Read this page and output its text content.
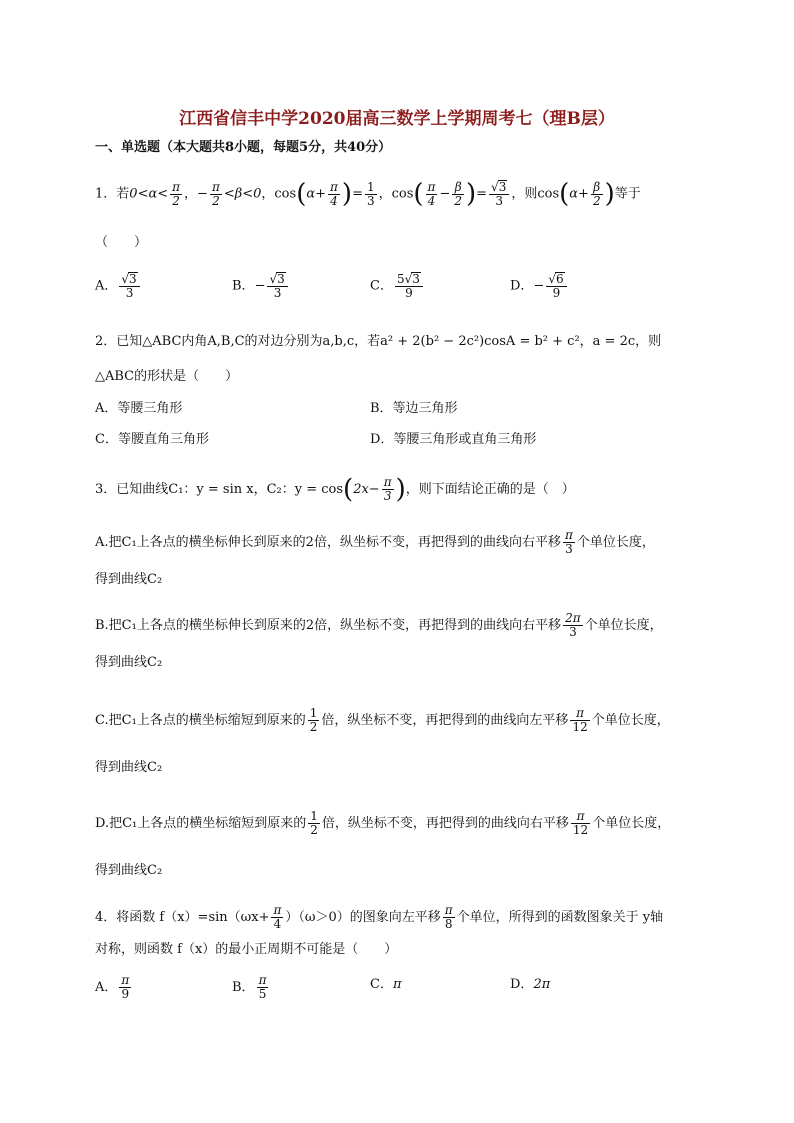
江西省信丰中学2020届高三数学上学期周考七（理B层）
一、单选题（本大题共8小题，每题5分，共40分）
1．若$0<\alpha< \frac{\pi}{2}$ ，− $\frac{\pi}{2} <\beta<0$，$\cos(\alpha+ \frac{\pi}{4}$ )= $\frac{1}{3}$ ，$\cos( \frac{\pi}{4} - \frac{\beta}{2}$ )= $\frac{√3}{3}$ ，则$\cos(\alpha+ \frac{\beta}{2}$ )等于
（　　）
A． $\frac{√3}{3}$	B．− $\frac{√3}{3}$	C． $\frac{5√3}{9}$	D．− $\frac{√6}{9}$
2．已知△ABC内角A,B,C的对边分别为a,b,c，若a² + 2(b² − 2c²)cosA = b² + c²，a = 2c，则
△ABC的形状是（　　）
A．等腰三角形	B．等边三角形
C．等腰直角三角形	D．等腰三角形或直角三角形
3．已知曲线C₁：y = sin x，C₂：$y = \cos(2x- \frac{\pi}{3}$ )，则下面结论正确的是（　）
A.把C₁上各点的横坐标伸长到原来的2倍，纵坐标不变，再把得到的曲线向右平移 $\frac{\pi}{3}$ 个单位长度，
得到曲线C₂
B.把C₁上各点的横坐标伸长到原来的2倍，纵坐标不变，再把得到的曲线向右平移 $\frac{2\pi}{3}$ 个单位长度，
得到曲线C₂
C.把C₁上各点的横坐标缩短到原来的 $\frac{1}{2}$ 倍，纵坐标不变，再把得到的曲线向左平移 $\frac{\pi}{12}$ 个单位长度，
得到曲线C₂
D.把C₁上各点的横坐标缩短到原来的 $\frac{1}{2}$ 倍，纵坐标不变，再把得到的曲线向右平移 $\frac{\pi}{12}$ 个单位长度，
得到曲线C₂
4．将函数 $f(x)=\sin(\omega x+ \frac{\pi}{4} )(\omega>0)$的图象向左平移 $\frac{\pi}{8}$ 个单位，所得到的函数图象关于 y轴
对称，则函数 f（x）的最小正周期不可能是（　　）
A． $\frac{\pi}{9}$	B． $\frac{\pi}{5}$	C．π	D．2π
